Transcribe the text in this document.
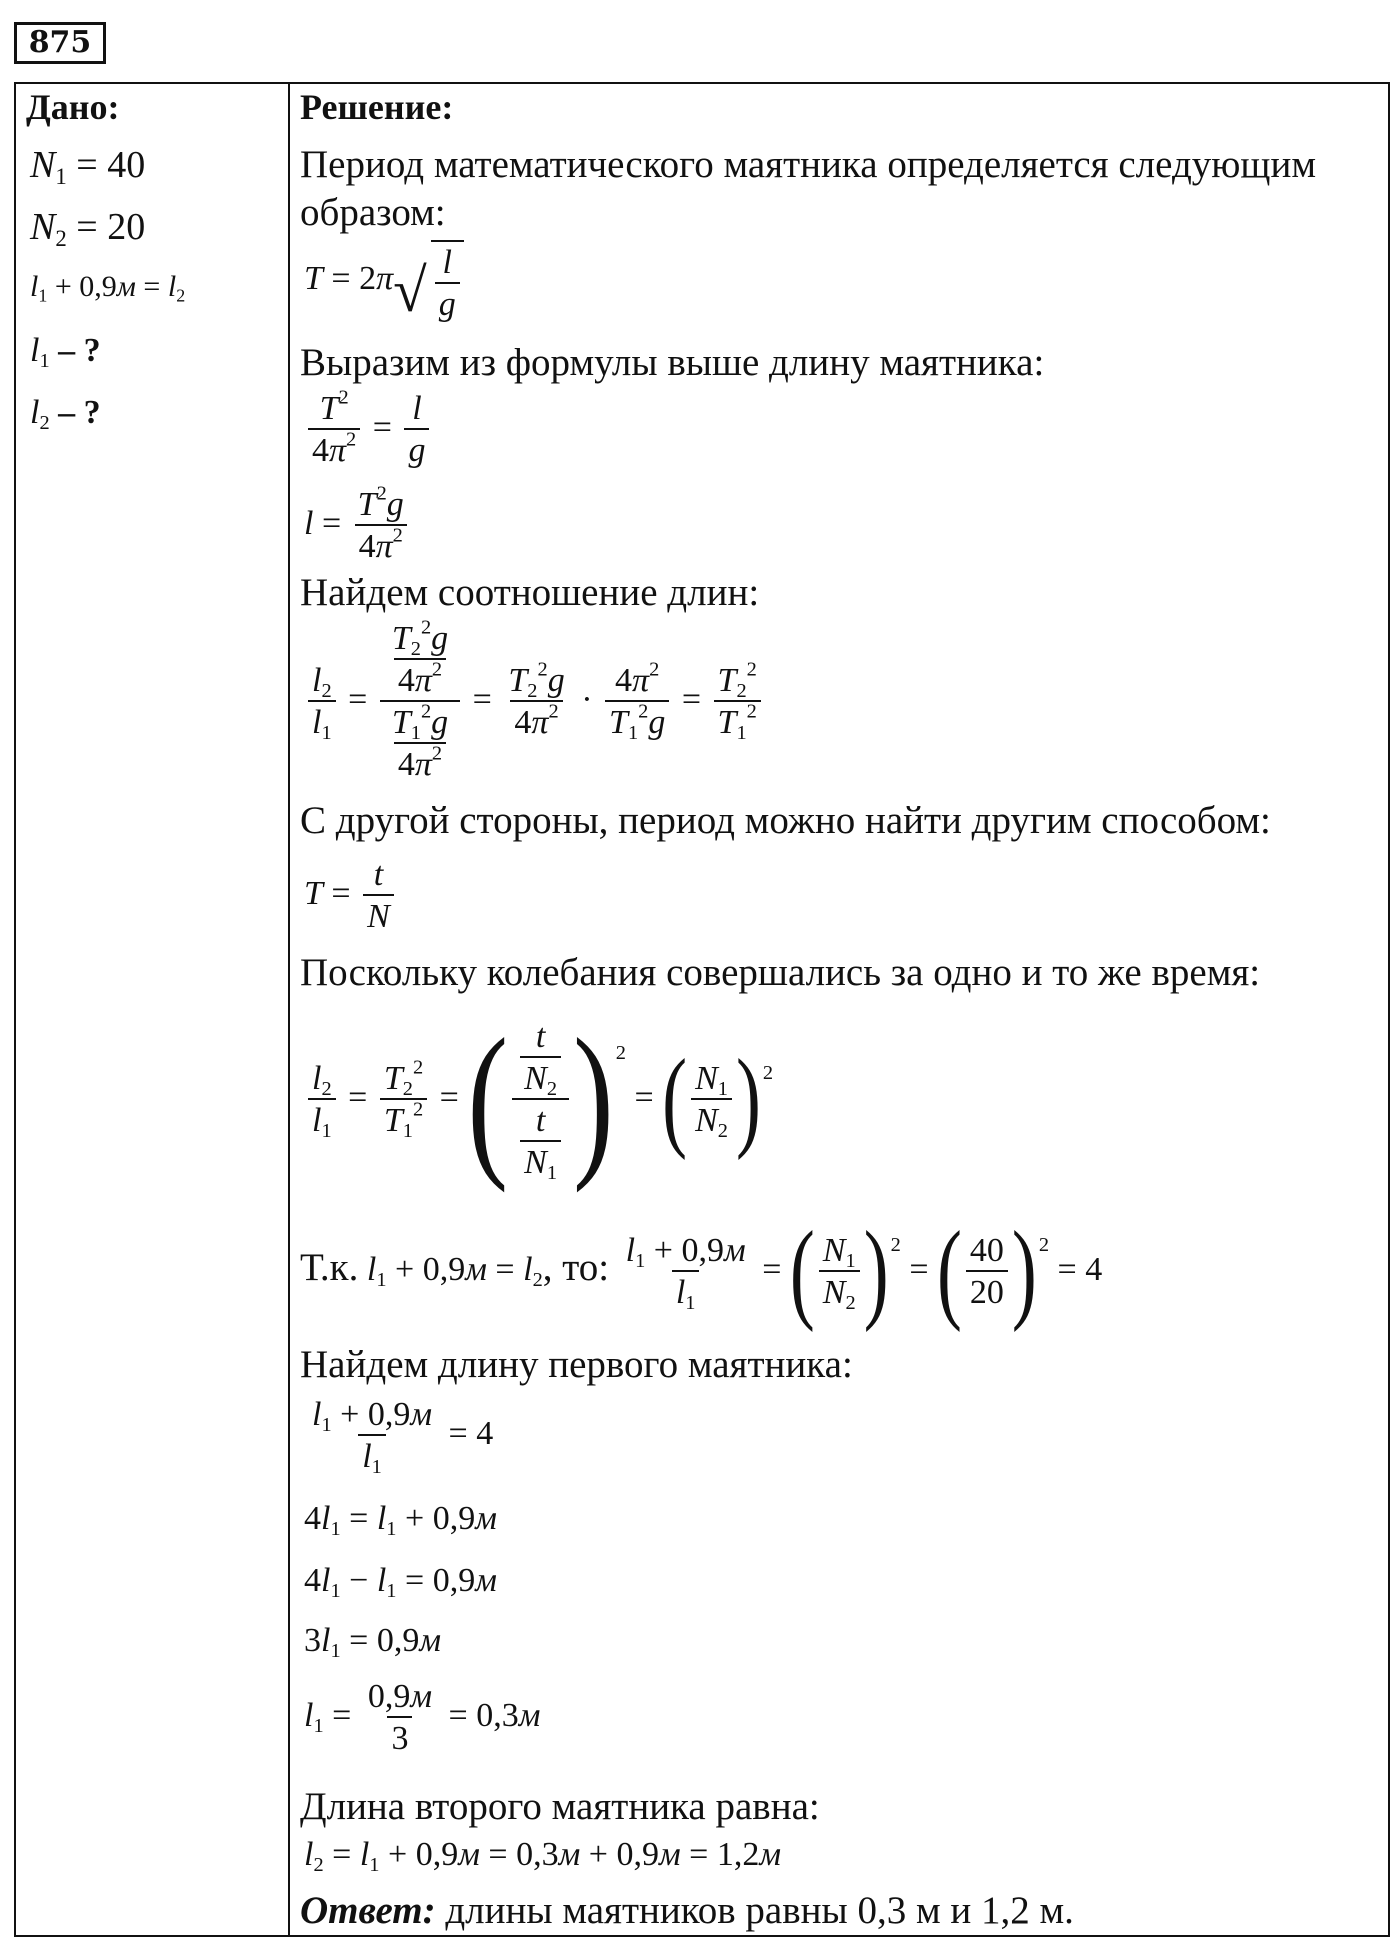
875
Дано:
$N_1 = 40$
$N_2 = 20$
$l_1 + 0,9м = l_2$
$l_1$ – ?
$l_2$ – ?
Решение:
Период математического маятника определяется следующим
образом:
T = 2π √ $\frac{l}{g}$
Выразим из формулы выше длину маятника:
$\frac{T^2}{4\pi^2} = \frac{l}{g}$
$l = \frac{T^2g}{4\pi^2}$
Найдем соотношение длин:
$\frac{l_2}{l_1} = \frac{\frac{T_2^2g}{4\pi^2}}{\frac{T_1^2g}{4\pi^2}} = \frac{T_2^2g}{4\pi^2} \cdot \frac{4\pi^2}{T_1^2g} = \frac{T_2^2}{T_1^2}$
С другой стороны, период можно найти другим способом:
$T = \frac{t}{N}$
Поскольку колебания совершались за одно и то же время:
$\frac{l_2}{l_1} = \frac{T_2^2}{T_1^2}$ = ( $\frac{\frac{t}{N_2}}{\frac{t}{N_1}}$ ) $^2$ = ( $\frac{N_1}{N_2}$ ) $^2$
Т.к. $l_1 + 0,9м = l_2$, то: $\frac{l_1 + 0,9м}{l_1}$ = ( $\frac{N_1}{N_2}$ ) $^2$ = ( $\frac{40}{20}$ ) $^2$ = 4
Найдем длину первого маятника:
$\frac{l_1 + 0,9м}{l_1} = 4$
$4l_1 = l_1 + 0,9м$
$4l_1 - l_1 = 0,9м$
$3l_1 = 0,9м$
$l_1 = \frac{0,9м}{3} = 0,3м$
Длина второго маятника равна:
$l_2 = l_1 + 0,9м = 0,3м + 0,9м = 1,2м$
Ответ: длины маятников равны 0,3 м и 1,2 м.
